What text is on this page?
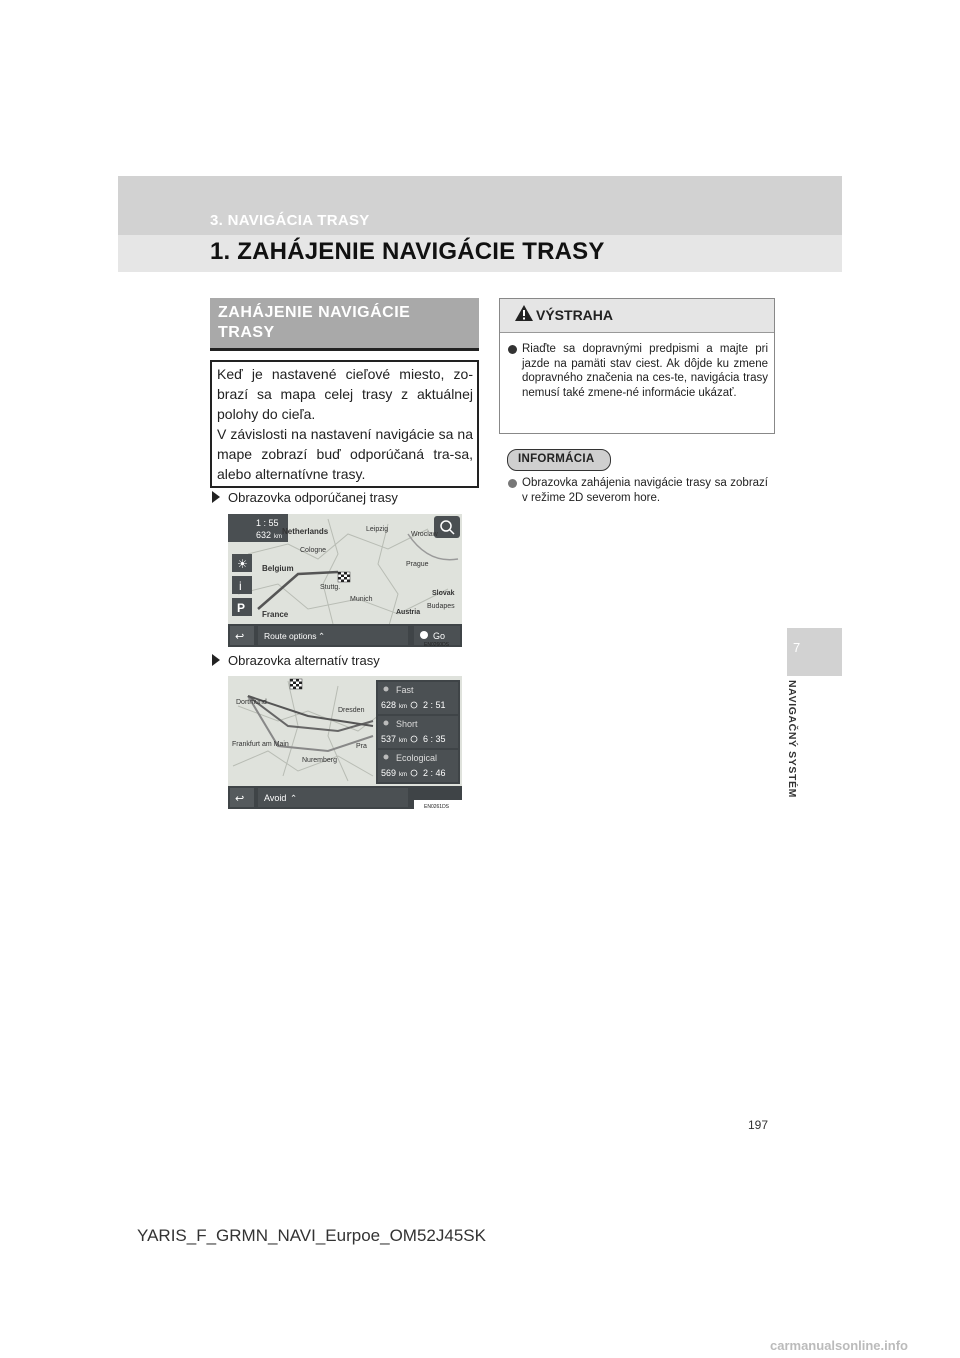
3. NAVIGÁCIA TRASY
1. ZAHÁJENIE NAVIGÁCIE TRASY
7
NAVIGAČNÝ SYSTÉM
ZAHÁJENIE NAVIGÁCIE
TRASY
Keď je nastavené cieľové miesto, zo-brazí sa mapa celej trasy z aktuálnej polohy do cieľa.
V závislosti na nastavení navigácie sa na mape zobrazí buď odporúčaná tra-sa, alebo alternatívne trasy.
Obrazovka odporúčanej trasy
1 : 55
632 km
☀
i
P
Netherlands	Leipzig
Wroclaw
Cologne
Belgium	Prague
Stuttg.
Munich
Slovak
France	Austria
Budapes
↩ Route options ⌃	Go
EN0260DS
Obrazovka alternatív trasy
Dortmund
Dresden
Frankfurt am Main
Nuremberg
Pra
Fast
628 km 2 : 51
Short
537 km 6 : 35
Ecological
569 km 2 : 46
↩ Avoid ⌃
EN0261DS
VÝSTRAHA
Riaďte sa dopravnými predpismi a majte pri jazde na pamäti stav ciest. Ak dôjde ku zmene dopravného značenia na ces-te, navigácia trasy nemusí také zmene-né informácie ukázať.
INFORMÁCIA
Obrazovka zahájenia navigácie trasy sa zobrazí v režime 2D severom hore.
197
YARIS_F_GRMN_NAVI_Eurpoe_OM52J45SK
carmanualsonline.info
